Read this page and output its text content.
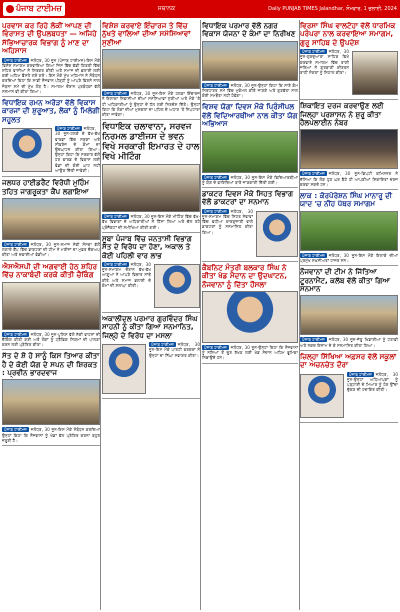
ਪੰਜਾਬ ਟਾਈਮਜ਼	ਸਥਾਨਕ	Daily PUNJAB TIMES Jalandhar, ਸੋਮਵਾਰ, 1 ਜੁਲਾਈ, 2024
ਪ੍ਰਵਾਸ ਕਰ ਰਿਹੇ ਲੋਕੀਂ ਆਪਣ ਦੀ ਵਿਰਾਸਤ ਦੀ ਉਪਲਬਧਤਾ — ਅਜਿਹੇ ਸੱਭਿਆਚਾਰਕ ਵਿਭਾਗ ਨੂੰ ਮਾਣ ਦਾ ਅਹਿਸਾਸ

ਪੰਜਾਬ ਟਾਈਮਜ਼ ਜਲੰਧਰ, 30 ਜੂਨ (ਪੰਜਾਬ ਟਾਈਮਜ਼)-ਇਸ ਮੌਕੇ ਵਿਸ਼ੇਸ਼ ਸਮਾਗਮ ਕਰਵਾਇਆ ਗਿਆ ਜਿਸ ਵਿੱਚ ਵੱਡੀ ਗਿਣਤੀ ਵਿੱਚ ਸ਼ਹਿਰ ਵਾਸੀਆਂ ਨੇ ਸ਼ਿਰਕਤ ਕੀਤੀ ਅਤੇ ਸਮਾਜ ਦੀ ਭਲਾਈ ਲਈ ਕਈ ਅਹਿਮ ਫ਼ੈਸਲੇ ਲਏ ਗਏ। ਇਸ ਮੌਕੇ ਮੁੱਖ ਮਹਿਮਾਨ ਨੇ ਸੰਬੋਧਨ ਕਰਦਿਆਂ ਕਿਹਾ ਕਿ ਸਾਡੀ ਨੌਜਵਾਨ ਪੀੜ੍ਹੀ ਨੂੰ ਆਪਣੇ ਵਿਰਸੇ ਨਾਲ ਜੋੜਨਾ ਸਮੇਂ ਦੀ ਮੁੱਖ ਲੋੜ ਹੈ। ਸਮਾਗਮ ਦੌਰਾਨ ਪ੍ਰਬੰਧਕਾਂ ਵੱਲੋਂ ਸਨਮਾਨ ਵੀ ਕੀਤਾ ਗਿਆ।

ਵਿਧਾਇਕ ਰਮਨ ਅਰੋੜਾ ਵੱਲੋਂ ਵਿਕਾਸ ਕਾਰਜਾਂ ਦੀ ਸ਼ੁਰੂਆਤ, ਲੋਕਾਂ ਨੂੰ ਮਿਲੇਗੀ ਸਹੂਲਤ

ਪੰਜਾਬ ਟਾਈਮਜ਼ ਜਲੰਧਰ, 30 ਜੂਨ-ਹਲਕੇ ਦੇ ਵੱਖ-ਵੱਖ ਵਾਰਡਾਂ ਵਿੱਚ ਸੜਕਾਂ ਅਤੇ ਸੀਵਰੇਜ ਦੇ ਕੰਮਾਂ ਦਾ ਉਦਘਾਟਨ ਕੀਤਾ ਗਿਆ। ਉਨ੍ਹਾਂ ਕਿਹਾ ਕਿ ਸਰਕਾਰ ਵੱਲੋਂ ਹਰ ਵਾਰਡ ਦੇ ਵਿਕਾਸ ਲਈ ਫੰਡਾਂ ਦੀ ਕੋਈ ਘਾਟ ਨਹੀਂ ਆਉਣ ਦਿੱਤੀ ਜਾਵੇਗੀ।

ਜਲਧਰ ਹਾਈਡਰੈਂਟ ਵਿਰੋਧੀ ਮੁਹਿੰਮ ਤਹਿਤ ਜਾਗਰੂਕਤਾ ਕੈਂਪ ਲਗਾਇਆ

ਪੰਜਾਬ ਟਾਈਮਜ਼ ਜਲੰਧਰ, 30 ਜੂਨ-ਸਮਾਜ ਸੇਵੀ ਸੰਸਥਾ ਵੱਲੋਂ ਲਗਾਏ ਕੈਂਪ ਵਿੱਚ ਡਾਕਟਰਾਂ ਦੀ ਟੀਮ ਨੇ ਮਰੀਜ਼ਾਂ ਦਾ ਮੁਫ਼ਤ ਚੈਕਅਪ ਕੀਤਾ ਅਤੇ ਦਵਾਈਆਂ ਵੰਡੀਆਂ।

ਐਸਐਸਪੀ ਦੀ ਅਗਵਾਈ ਹੇਠ ਸ਼ਹਿਰ ਵਿੱਚ ਨਾਕਾਬੰਦੀ ਕਰਕੇ ਕੀਤੀ ਚੈਕਿੰਗ

ਪੰਜਾਬ ਟਾਈਮਜ਼ ਜਲੰਧਰ, 30 ਜੂਨ-ਪੁਲਿਸ ਵੱਲੋਂ ਸ਼ੱਕੀ ਵਾਹਨਾਂ ਦੀ ਚੈਕਿੰਗ ਕੀਤੀ ਗਈ ਅਤੇ ਲੋਕਾਂ ਨੂੰ ਟ੍ਰੈਫ਼ਿਕ ਨਿਯਮਾਂ ਦੀ ਪਾਲਣਾ ਕਰਨ ਲਈ ਪ੍ਰੇਰਿਤ ਕੀਤਾ।

ਸੱਤ ਦੇ ਸ਼ੋ ਹੋ ਸਾਨੂੰ ਕਿਸ ਤਿਆਰ ਕੀਤਾ ਹੈ ਦੇ ਕੋਈ ਯੋਗ ਦੇ ਸਪਨ ਦੀ ਸ਼ਿਰਕਤ : ਪ੍ਰਵੀਨ ਭਾਰਦਵਾਜ

ਪੰਜਾਬ ਟਾਈਮਜ਼ ਜਲੰਧਰ, 30 ਜੂਨ-ਇਸ ਮੌਕੇ ਸੰਬੋਧਨ ਕਰਦਿਆਂ ਉਨ੍ਹਾਂ ਕਿਹਾ ਕਿ ਨੌਜਵਾਨਾਂ ਨੂੰ ਖੇਡਾਂ ਵੱਲ ਪ੍ਰੇਰਿਤ ਕਰਨਾ ਬਹੁਤ ਜ਼ਰੂਰੀ ਹੈ।

ਵਿਸ਼ੇਸ਼ ਕਰਵਾਏ ਇੰਚਾਰਜ ਤੇ ਵਿੱਚ ਨੁੱਖਤੇ ਵਾਲਿਆਂ ਦੀਆਂ ਸਮੱਸਿਆਵਾਂ ਸੁਣੀਆਂ

ਪੰਜਾਬ ਟਾਈਮਜ਼ ਜਲੰਧਰ, 30 ਜੂਨ-ਇਸ ਮੌਕੇ ਹਲਕਾ ਇੰਚਾਰਜ ਨੇ ਇਲਾਕਾ ਨਿਵਾਸੀਆਂ ਦੀਆਂ ਸਮੱਸਿਆਵਾਂ ਸੁਣੀਆਂ ਅਤੇ ਮੌਕੇ 'ਤੇ ਹੀ ਅਧਿਕਾਰੀਆਂ ਨੂੰ ਉਨ੍ਹਾਂ ਦੇ ਹੱਲ ਲਈ ਨਿਰਦੇਸ਼ ਦਿੱਤੇ। ਉਨ੍ਹਾਂ ਕਿਹਾ ਕਿ ਲੋਕਾਂ ਦੀਆਂ ਮੁਸ਼ਕਲਾਂ ਦਾ ਪਹਿਲ ਦੇ ਅਧਾਰ 'ਤੇ ਨਿਪਟਾਰਾ ਕੀਤਾ ਜਾਵੇਗਾ।

ਵਿਧਾਇਕ ਚਲਾਵਾਨਾ, ਸਰਵਜ ਨਿਰਮਲ ਡਾਈਜਸ ਦੇ ਭਵਨ ਵਿਖੇ ਸਰਕਾਰੀ ਇਮਾਰਤ ਦੇ ਹਾਲ ਵਿਖੇ ਮੀਟਿੰਗ

ਪੰਜਾਬ ਟਾਈਮਜ਼ ਜਲੰਧਰ, 30 ਜੂਨ-ਇਸ ਮੌਕੇ ਮੀਟਿੰਗ ਵਿੱਚ ਵੱਖ-ਵੱਖ ਵਿਭਾਗਾਂ ਦੇ ਅਧਿਕਾਰੀਆਂ ਨੇ ਹਿੱਸਾ ਲਿਆ ਅਤੇ ਚੱਲ ਰਹੇ ਪ੍ਰੋਜੈਕਟਾਂ ਦੀ ਸਮੀਖਿਆ ਕੀਤੀ ਗਈ।

ਸੂਬਾ ਪੰਜਾਬ ਵਿੱਚ ਜਨਤਾਸੀ ਵਿਭਾਗ ਸੱਤ ਦੇ ਵਿਰੋਧ ਦਾ ਹੋਣਾ, ਅਕਾਲ ਤੇ ਕੋਈ ਪਹਿਲੀ ਵਾਰ ਲਾਭ

ਪੰਜਾਬ ਟਾਈਮਜ਼ ਜਲੰਧਰ, 30 ਜੂਨ-ਸਮਾਗਮ ਦੌਰਾਨ ਵੱਖ-ਵੱਖ ਆਗੂਆਂ ਨੇ ਆਪਣੇ ਵਿਚਾਰ ਸਾਂਝੇ ਕੀਤੇ ਅਤੇ ਸਮਾਜ ਭਲਾਈ ਦੇ ਕੰਮਾਂ ਦੀ ਸ਼ਲਾਘਾ ਕੀਤੀ।

ਅਕਾਲੀਦਲ ਪਰਮਾਰ ਗੁਰਵਿੰਦਰ ਸਿੰਘ ਸਾਹਨੀ ਨੂੰ ਕੀਤਾ ਗਿਆ ਸਨਮਾਨਿਤ, ਜਿਲ੍ਹੇ ਦੇ ਵਿਰੋਧ ਦਾ ਮਸਲਾ

ਪੰਜਾਬ ਟਾਈਮਜ਼ ਜਲੰਧਰ, 30 ਜੂਨ-ਇਸ ਮੌਕੇ ਪਾਰਟੀ ਵਰਕਰਾਂ ਨੇ ਉਨ੍ਹਾਂ ਦਾ ਨਿੱਘਾ ਸਵਾਗਤ ਕੀਤਾ।

ਵਿਧਾਇਕ ਪਰਮਾਰ ਵੱਲੋਂ ਨਗਰ ਵਿਕਾਸ ਯੋਜਨਾ ਦੇ ਕੰਮਾਂ ਦਾ ਨਿਰੀਖਣ

ਪੰਜਾਬ ਟਾਈਮਜ਼ ਜਲੰਧਰ, 30 ਜੂਨ-ਉਨ੍ਹਾਂ ਕਿਹਾ ਕਿ ਸਾਰੇ ਕੰਮ ਨਿਰਧਾਰਤ ਸਮੇਂ ਵਿੱਚ ਮੁਕੰਮਲ ਕੀਤੇ ਜਾਣਗੇ ਅਤੇ ਗੁਣਵੱਤਾ ਨਾਲ ਕੋਈ ਸਮਝੌਤਾ ਨਹੀਂ ਹੋਵੇਗਾ।

ਵਿਸ਼ਵ ਯੋਗਾ ਦਿਵਸ ਮੌਕੇ ਪ੍ਰਿੰਸੀਪਲ ਵੱਲੋਂ ਵਿਦਿਆਰਥੀਆਂ ਨਾਲ ਕੀਤਾ ਯੋਗ ਅਭਿਆਸ

ਪੰਜਾਬ ਟਾਈਮਜ਼ ਜਲੰਧਰ, 30 ਜੂਨ-ਇਸ ਮੌਕੇ ਵਿਦਿਆਰਥੀਆਂ ਨੂੰ ਯੋਗ ਦੇ ਫਾਇਦਿਆਂ ਬਾਰੇ ਜਾਣਕਾਰੀ ਦਿੱਤੀ ਗਈ।

ਡਾਕਟਰ ਦਿਵਸ ਮੌਕੇ ਸਿਹਤ ਵਿਭਾਗ ਵੱਲੋਂ ਡਾਕਟਰਾਂ ਦਾ ਸਨਮਾਨ

ਪੰਜਾਬ ਟਾਈਮਜ਼ ਜਲੰਧਰ, 30 ਜੂਨ-ਸਮਾਗਮ ਵਿੱਚ ਸਿਹਤ ਸੇਵਾਵਾਂ ਵਿੱਚ ਵਧੀਆ ਕਾਰਗੁਜ਼ਾਰੀ ਵਾਲੇ ਡਾਕਟਰਾਂ ਨੂੰ ਸਨਮਾਨਿਤ ਕੀਤਾ ਗਿਆ।

ਕੈਬਨਿਟ ਮੰਤਰੀ ਬਲਕਾਰ ਸਿੰਘ ਨੇ ਕੀਤਾ ਖੇਡ ਮੈਦਾਨ ਦਾ ਉਦਘਾਟਨ, ਨੌਜਵਾਨਾਂ ਨੂੰ ਦਿੱਤਾ ਹੌਸਲਾ

ਪੰਜਾਬ ਟਾਈਮਜ਼ ਜਲੰਧਰ, 30 ਜੂਨ-ਉਨ੍ਹਾਂ ਕਿਹਾ ਕਿ ਨੌਜਵਾਨਾਂ ਨੂੰ ਨਸ਼ਿਆਂ ਤੋਂ ਦੂਰ ਰੱਖਣ ਲਈ ਖੇਡ ਮੈਦਾਨ ਅਹਿਮ ਭੂਮਿਕਾ ਨਿਭਾਉਂਦੇ ਹਨ।

ਵਿਰਸਾ ਸਿੰਘ ਵਾਲਟੋਹਾ ਵੱਲੋਂ ਧਾਰਮਿਕ ਪਰੰਪਰਾ ਨਾਲ ਕਰਵਾਇਆ ਸਮਾਗਮ, ਗੁਰੂ ਸਾਹਿਬ ਦੇ ਉਪਦੇਸ਼

ਪੰਜਾਬ ਟਾਈਮਜ਼ ਜਲੰਧਰ, 30 ਜੂਨ-ਗੁਰਦੁਆਰਾ ਸਾਹਿਬ ਵਿਖੇ ਕਰਵਾਏ ਸਮਾਗਮ ਵਿੱਚ ਰਾਗੀ ਜਥਿਆਂ ਨੇ ਗੁਰਬਾਣੀ ਕੀਰਤਨ ਰਾਹੀਂ ਸੰਗਤਾਂ ਨੂੰ ਨਿਹਾਲ ਕੀਤਾ।

ਸ਼ਿਕਾਇਤ ਦਰਜ ਕਰਵਾਉਣ ਲਈ ਜਿਲ੍ਹਾ ਪ੍ਰਸ਼ਾਸਨ ਨੇ ਸ਼ੁਰੂ ਕੀਤਾ ਹੈਲਪਲਾਈਨ ਨੰਬਰ

ਪੰਜਾਬ ਟਾਈਮਜ਼ ਜਲੰਧਰ, 30 ਜੂਨ-ਡਿਪਟੀ ਕਮਿਸ਼ਨਰ ਨੇ ਦੱਸਿਆ ਕਿ ਲੋਕ ਹੁਣ ਘਰ ਬੈਠੇ ਹੀ ਆਪਣੀਆਂ ਸ਼ਿਕਾਇਤਾਂ ਦਰਜ ਕਰਵਾ ਸਕਦੇ ਹਨ।

ਲਾਕ : ਕੋਰਪੋਰੇਸ਼ਨ ਸਿੰਘ ਮਾਨਾਰੂ ਦੀ ਯਾਦ 'ਚ ਨੀਂਹ ਪੱਥਰ ਸਮਾਗਮ

ਪੰਜਾਬ ਟਾਈਮਜ਼ ਜਲੰਧਰ, 30 ਜੂਨ-ਇਸ ਮੌਕੇ ਇਲਾਕੇ ਦੀਆਂ ਪ੍ਰਮੁੱਖ ਸ਼ਖ਼ਸੀਅਤਾਂ ਹਾਜ਼ਰ ਸਨ।

ਨੌਜਵਾਨਾਂ ਦੀ ਟੀਮ ਨੇ ਜਿੱਤਿਆ ਟੂਰਨਾਮੈਂਟ, ਕਲੱਬ ਵੱਲੋਂ ਕੀਤਾ ਗਿਆ ਸਨਮਾਨ

ਪੰਜਾਬ ਟਾਈਮਜ਼ ਜਲੰਧਰ, 30 ਜੂਨ-ਜੇਤੂ ਖਿਡਾਰੀਆਂ ਨੂੰ ਟਰਾਫ਼ੀ ਅਤੇ ਨਕਦ ਇਨਾਮ ਦੇ ਕੇ ਸਨਮਾਨਿਤ ਕੀਤਾ ਗਿਆ।

ਜ਼ਿਲ੍ਹਾ ਸਿੱਖਿਆ ਅਫ਼ਸਰ ਵੱਲੋਂ ਸਕੂਲਾਂ ਦਾ ਅਚਨਚੇਤ ਦੌਰਾ

ਪੰਜਾਬ ਟਾਈਮਜ਼ ਜਲੰਧਰ, 30 ਜੂਨ-ਉਨ੍ਹਾਂ ਅਧਿਆਪਕਾਂ ਨੂੰ ਪੜ੍ਹਾਈ ਦੇ ਮਿਆਰ ਨੂੰ ਹੋਰ ਉੱਚਾ ਚੁੱਕਣ ਦੀ ਹਦਾਇਤ ਕੀਤੀ।
